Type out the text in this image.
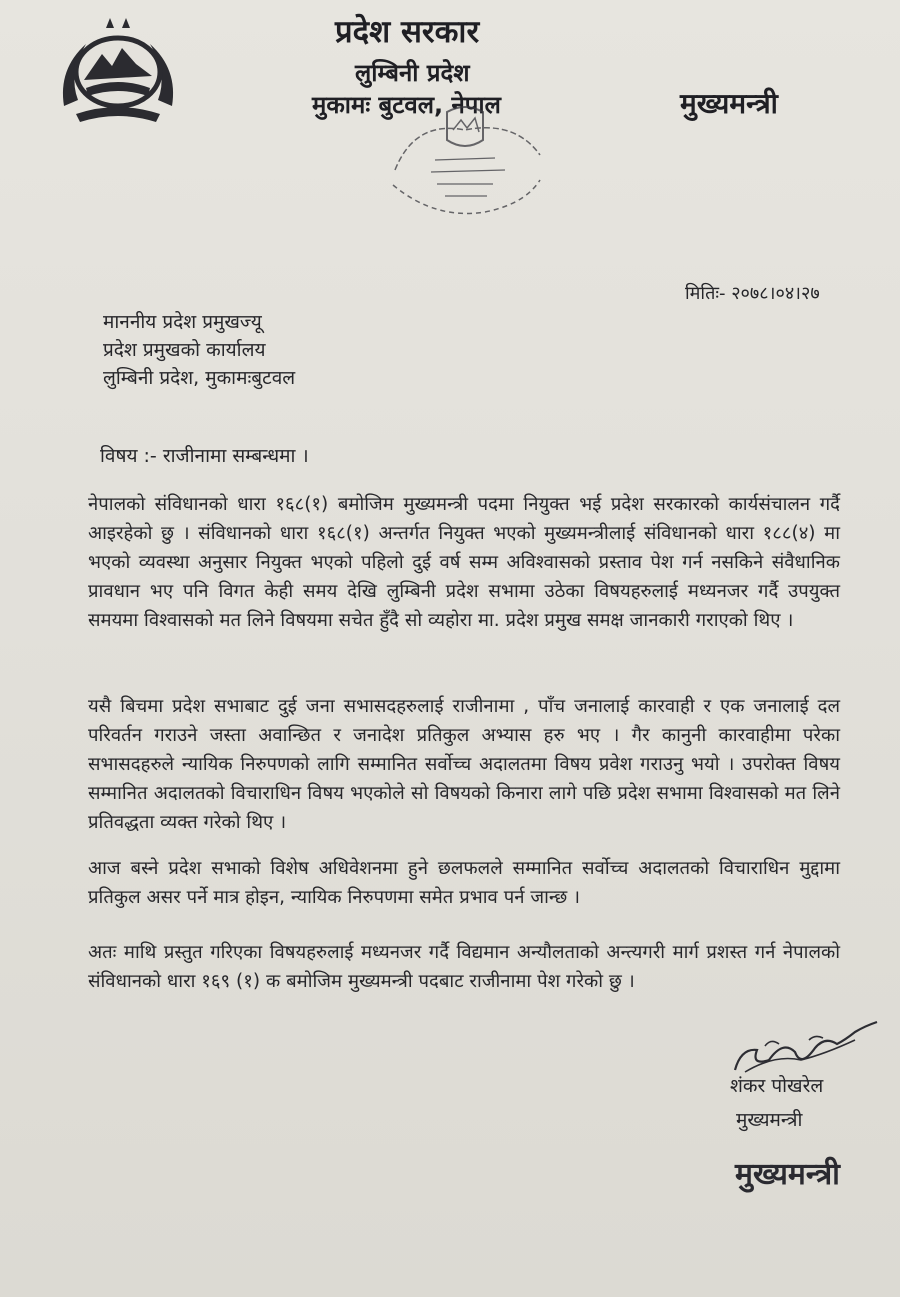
प्रदेश सरकार
लुम्बिनी प्रदेश
मुकामः बुटवल, नेपाल	मुख्यमन्त्री
मितिः- २०७८।०४।२७
माननीय प्रदेश प्रमुखज्यू
प्रदेश प्रमुखको कार्यालय
लुम्बिनी प्रदेश, मुकामःबुटवल
विषय :- राजीनामा सम्बन्धमा ।
नेपालको संविधानको धारा १६८(१) बमोजिम मुख्यमन्त्री पदमा नियुक्त भई प्रदेश सरकारको कार्यसंचालन गर्दै आइरहेको छु । संविधानको धारा १६८(१) अन्तर्गत नियुक्त भएको मुख्यमन्त्रीलाई संविधानको धारा १८८(४) मा भएको व्यवस्था अनुसार नियुक्त भएको पहिलो दुई वर्ष सम्म अविश्वासको प्रस्ताव पेश गर्न नसकिने संवैधानिक प्रावधान भए पनि विगत केही समय देखि लुम्बिनी प्रदेश सभामा उठेका विषयहरुलाई मध्यनजर गर्दै उपयुक्त समयमा विश्वासको मत लिने विषयमा सचेत हुँदै सो व्यहोरा मा. प्रदेश प्रमुख समक्ष जानकारी गराएको थिए ।
यसै बिचमा प्रदेश सभाबाट दुई जना सभासदहरुलाई राजीनामा , पाँच जनालाई कारवाही र एक जनालाई दल परिवर्तन गराउने जस्ता अवान्छित र जनादेश प्रतिकुल अभ्यास हरु भए । गैर कानुनी कारवाहीमा परेका सभासदहरुले न्यायिक निरुपणको लागि सम्मानित सर्वोच्च अदालतमा विषय प्रवेश गराउनु भयो । उपरोक्त विषय सम्मानित अदालतको विचाराधिन विषय भएकोले सो विषयको किनारा लागे पछि प्रदेश सभामा विश्वासको मत लिने प्रतिवद्धता व्यक्त गरेको थिए ।
आज बस्ने प्रदेश सभाको विशेष अधिवेशनमा हुने छलफलले सम्मानित सर्वोच्च अदालतको विचाराधिन मुद्दामा प्रतिकुल असर पर्ने मात्र होइन, न्यायिक निरुपणमा समेत प्रभाव पर्न जान्छ ।
अतः माथि प्रस्तुत गरिएका विषयहरुलाई मध्यनजर गर्दै विद्यमान अन्यौलताको अन्त्यगरी मार्ग प्रशस्त गर्न नेपालको संविधानको धारा १६९ (१) क बमोजिम मुख्यमन्त्री पदबाट राजीनामा पेश गरेको छु ।
शंकर पोखरेल
मुख्यमन्त्री
मुख्यमन्त्री
